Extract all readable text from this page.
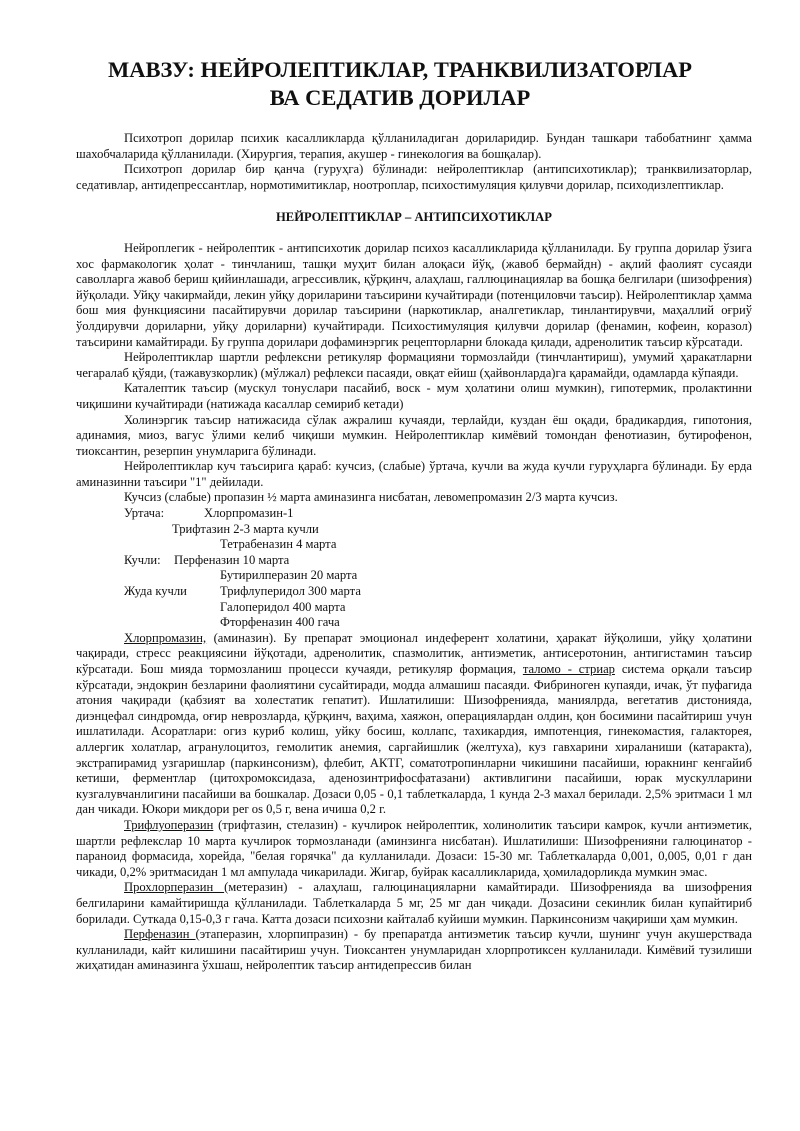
МАВЗУ: НЕЙРОЛЕПТИКЛАР, ТРАНКВИЛИЗАТОРЛАР
ВА СЕДАТИВ ДОРИЛАР

Психотроп дорилар психик касалликларда қўлланиладиган дориларидир. Бундан ташкари табобатнинг ҳамма шахобчаларида қўлланилади. (Хирургия, терапия, акушер - гинекология ва бошқалар).

Психотроп дорилар бир қанча (гуруҳга) бўлинади: нейролептиклар (антипсихотиклар); транквилизаторлар, седативлар, антидепрессантлар, нормотимитиклар, ноотроплар, психостимуляция қилувчи дорилар, психодизлептиклар.

НЕЙРОЛЕПТИКЛАР – АНТИПСИХОТИКЛАР

Нейроплегик - нейролептик - антипсихотик дорилар психоз касалликларида қўлланилади. Бу группа дорилар ўзига хос фармакологик ҳолат - тинчланиш, ташқи муҳит билан алоқаси йўқ, (жавоб бермайдн) - ақлий фаолият сусаяди саволларга жавоб бериш қийинлашади, агрессивлик, қўрқинч, алаҳлаш, галлюцинациялар ва бошқа белгилари (шизофрения) йўқолади. Уйқу чакирмайди, лекин уйқу дориларини таъсирини кучайтиради (потенциловчи таъсир). Нейролептиклар ҳамма бош мия функциясини пасайтирувчи дорилар таъсирини (наркотиклар, аналгетиклар, тинлантирувчи, маҳаллий оғриў ўолдирувчи дориларни, уйқу дориларни) кучайтиради. Психостимуляция қилувчи дорилар (фенамин, кофеин, коразол) таъсирини камайтиради. Бу группа дорилари дофаминэргик рецепторларни блокада қилади, адренолитик таъсир кўрсатади.

Нейролептиклар шартли рефлексни ретикуляр формацияни тормозлайди (тинчлантириш), умумий ҳаракатларни чегаралаб қўяди, (тажавузкорлик) (мўлжал) рефлекси пасаяди, овқат ейиш (ҳайвонларда)га қарамайди, одамларда кўпаяди.

Каталептик таъсир (мускул тонуслари пасайиб, воск - мум ҳолатини олиш мумкин), гипотермик, пролактинни чиқишини кучайтиради (натижада касаллар семириб кетади)

Холинэргик таъсир натижасида сўлак ажралиш кучаяди, терлайди, куздан ёш оқади, брадикардия, гипотония, адинамия, миоз, вагус ўлими келиб чиқиши мумкин. Нейролептиклар кимёвий томондан фенотиазин, бутирофенон, тиоксантин, резерпин унумларига бўлинади.

Нейролептиклар куч таъсирига қараб: кучсиз, (слабые) ўртача, кучли ва жуда кучли гуруҳларга бўлинади. Бу ерда аминазинни таъсири "1" дейилади.

Кучсиз (слабые) пропазин ½ марта аминазинга нисбатан, левомепромазин 2/3 марта кучсиз.

Уртача:	Хлорпромазин-1
Трифтазин 2-3 марта кучли
Тетрабеназин 4 марта
Кучли:	Перфеназин 10 марта
Бутирилперазин 20 марта
Жуда кучли	Трифлуперидол 300 марта
Галоперидол 400 марта
Фторфеназин 400 гача

Хлорпромазин, (аминазин). Бу препарат эмоционал индеферент холатини, ҳаракат йўқолиши, уйқу ҳолатини чақиради, стресс реакциясини йўқотади, адренолитик, спазмолитик, антиэметик, антисеротонин, антигистамин таъсир кўрсатади. Бош мияда тормозланиш процесси кучаяди, ретикуляр формация, таломо - стриар системa орқали таъсир кўрсатади, эндокрин безларини фаолиятини сусайтиради, моддa алмашиш пасаяди. Фибриноген купаяди, ичак, ўт пуфагида атония чақиради (қабзият ва холестатик гепатит). Ишлатилиши: Шизофренияда, маниялрда, вегетатив дистонияда, диэнцефал синдромда, оғир неврозларда, қўрқинч, ваҳима, хаяжон, операциялардан олдин, қон босимини пасайтириш учун ишлатилади. Асоратлари: огиз куриб колиш, уйку босиш, коллапс, тахикардия, импотенция, гинекомастия, галакторея, аллергик холатлар, агранулоцитоз, гемолитик анемия, саргайишлик (желтуха), куз гавхарини хираланиши (катаракта), экстрапирамид узгаришлар (паркинсонизм), флебит, АКТГ, соматотропинларни чикишини пасайиши, юракнинг кенгайиб кетиши, ферментлар (цитохромоксидаза, аденозинтрифосфатазани) активлигини пасайиши, юрак мускулларини кузгалувчанлигини пасайиши ва бошкалар. Дозаси 0,05 - 0,1 таблеткаларда, 1 кунда 2-3 махал берилади. 2,5% эритмаси 1 мл дан чикади. Юкори микдори per os 0,5 г, вена ичиша 0,2 г.

Трифлуоперазин (трифтазин, стелазин) - кучлирок нейролептик, холинолитик таъсири камрок, кучли антиэметик, шартли рефлекслар 10 марта кучлирок тормозланади (аминзинга нисбатан). Ишлатилиши: Шизофренияни галюцинатор - параноид формасида, хорейда, "белая горячка" да кулланилади. Дозаси: 15-30 мг. Таблеткаларда 0,001, 0,005, 0,01 г дан чикади, 0,2% эритмасидан 1 мл ампулада чикарилади. Жигар, буйрак касалликларида, ҳомиладорликда мумкин эмас.

Прохлорперазин (метеразин) - алаҳлаш, галюцинацияларни камайтиради. Шизофренияда ва шизофрения белгиларини камайтиришда қўлланилади. Таблеткаларда 5 мг, 25 мг дан чиқади. Дозасини секинлик билан купайтириб борилади. Суткада 0,15-0,3 г гача. Катта дозаси психозни кайталаб куйиши мумкин. Паркинсонизм чақириши ҳам мумкин.

Перфеназин (этаперазин, хлорпипразин) - бу препаратда антиэметик таъсир кучли, шунинг учун акушерствада кулланилади, кайт килишини пасайтириш учун. Тиоксантен унумларидан хлорпротиксен кулланилади. Кимёвий тузилиши жиҳатидан аминазинга ўхшаш, нейролептик таъсир антидепрессив билан
